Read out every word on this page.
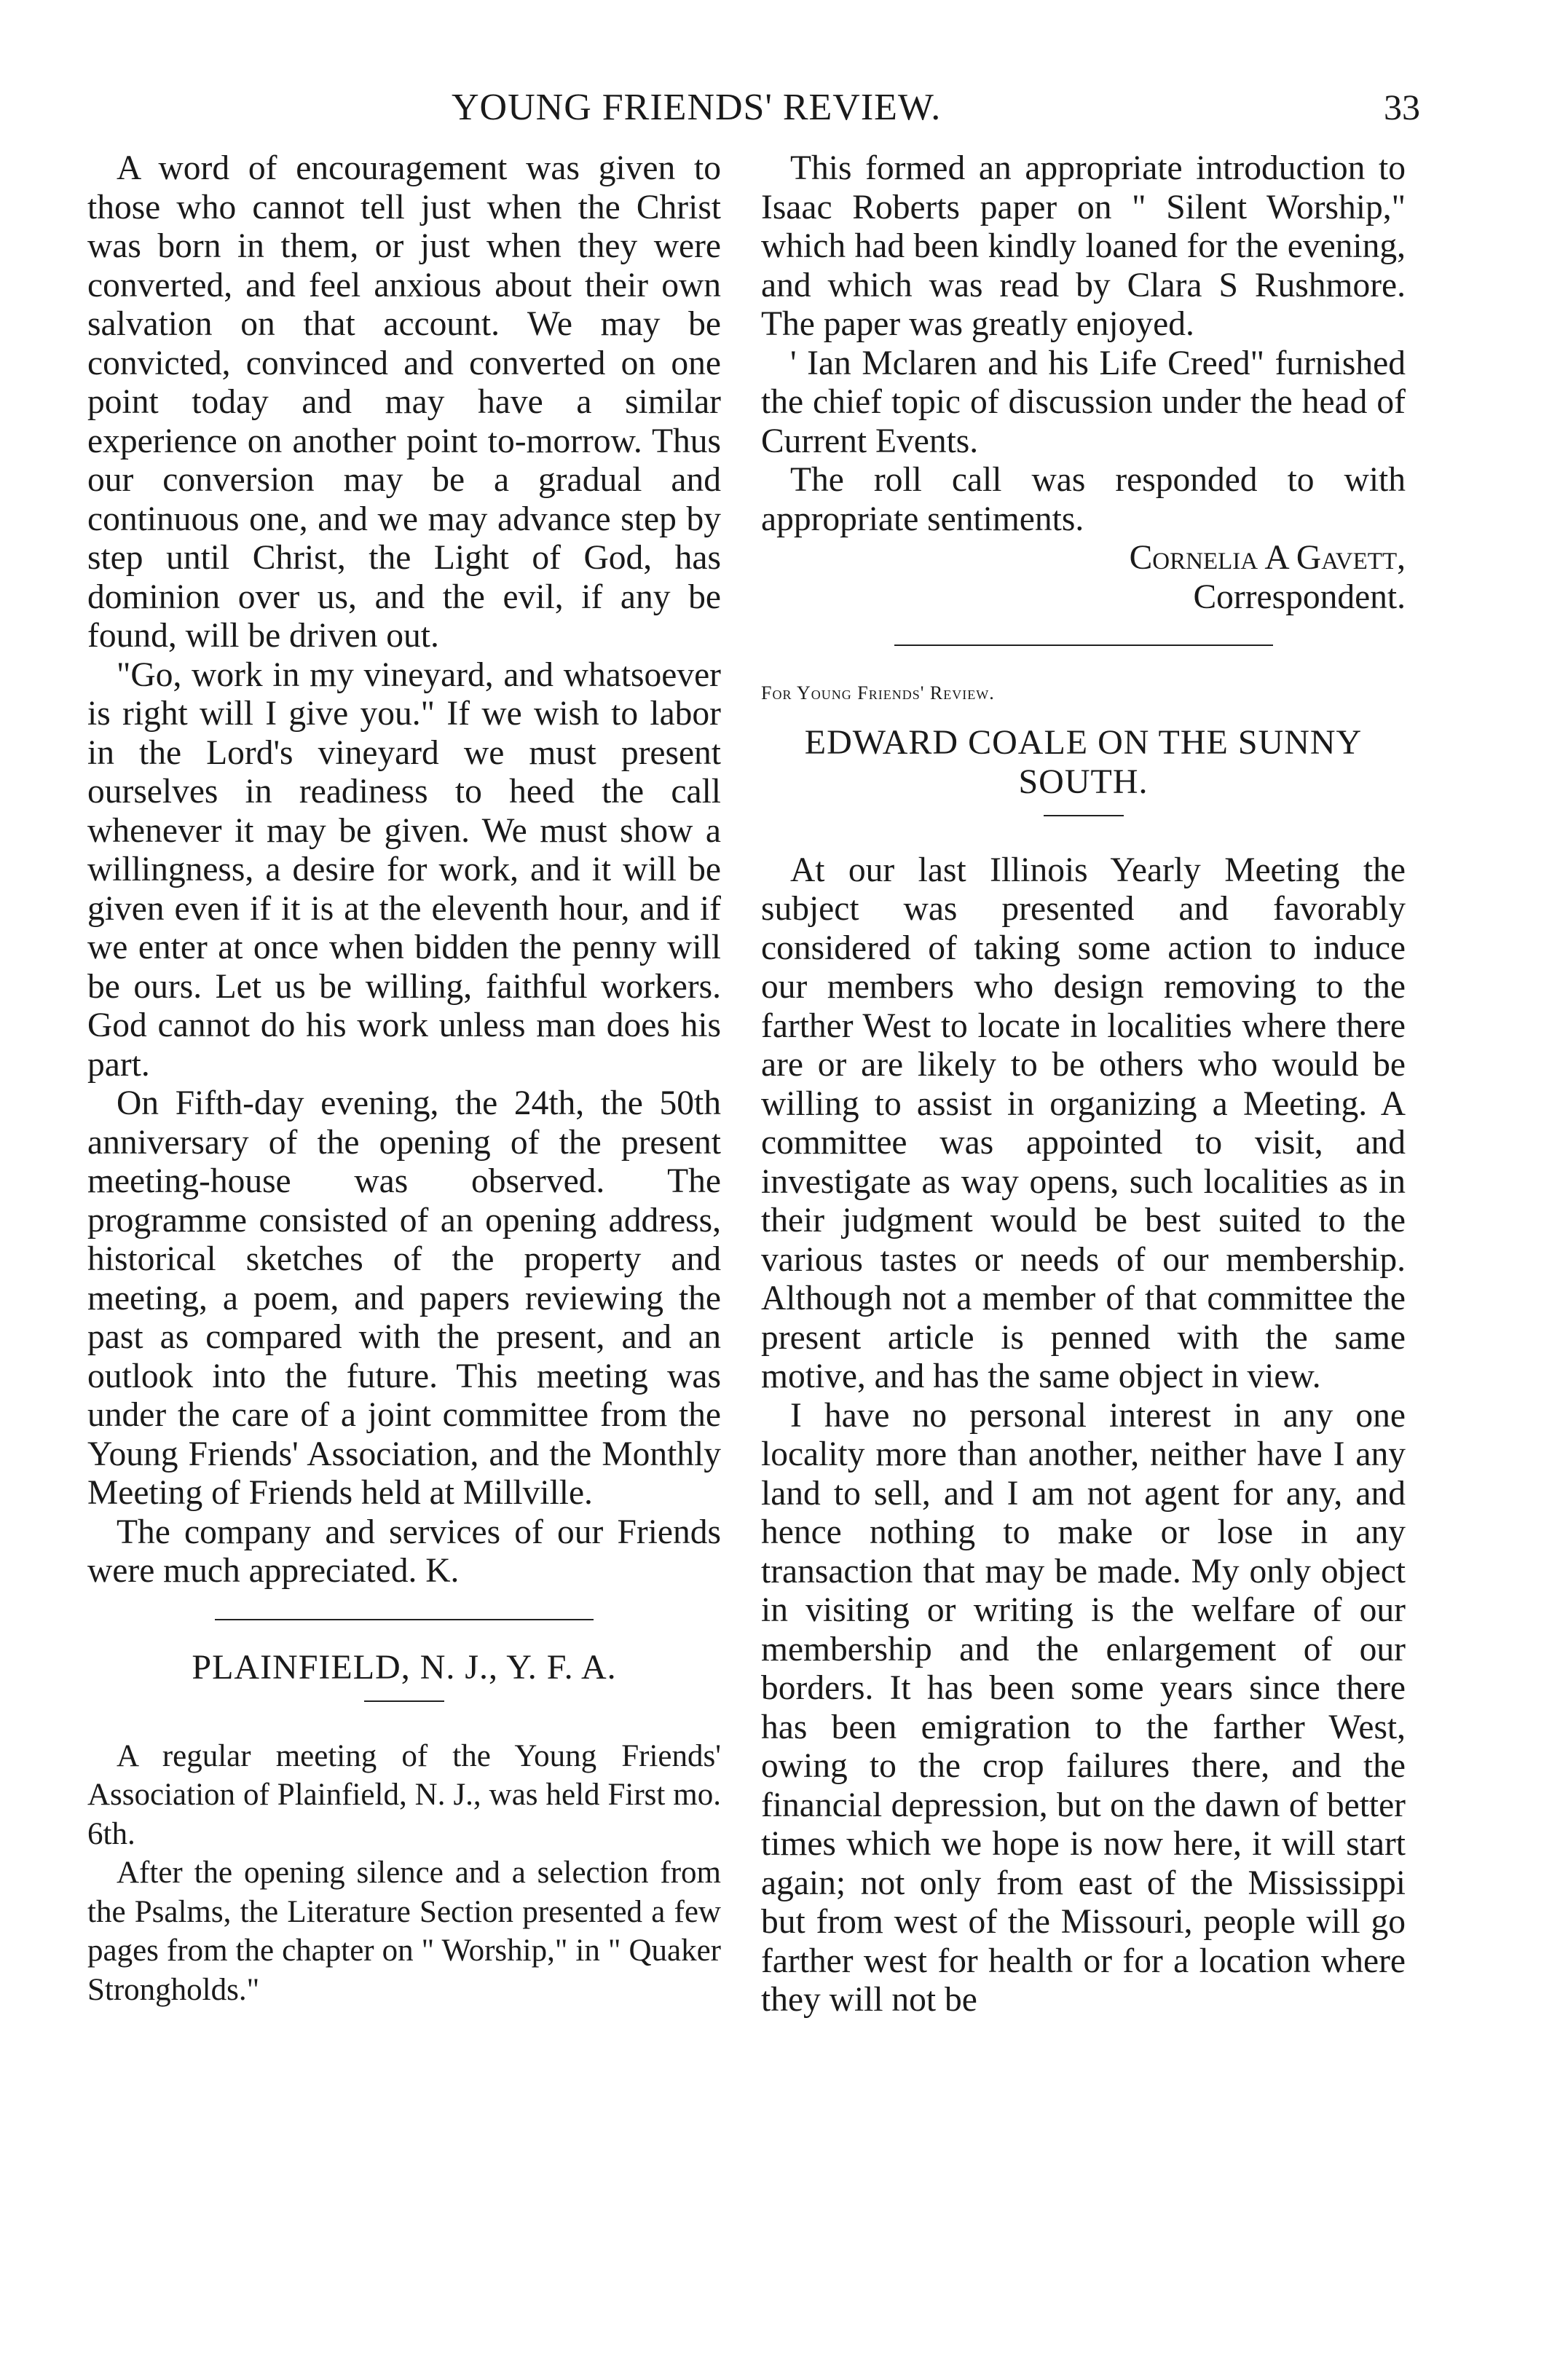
YOUNG FRIENDS' REVIEW.	33

A word of encouragement was given to those who cannot tell just when the Christ was born in them, or just when they were converted, and feel anxious about their own salvation on that account. We may be convicted, convinced and converted on one point today and may have a similar experience on another point to-morrow. Thus our conversion may be a gradual and continuous one, and we may advance step by step until Christ, the Light of God, has dominion over us, and the evil, if any be found, will be driven out.

"Go, work in my vineyard, and whatsoever is right will I give you." If we wish to labor in the Lord's vineyard we must present ourselves in readiness to heed the call whenever it may be given. We must show a willingness, a desire for work, and it will be given even if it is at the eleventh hour, and if we enter at once when bidden the penny will be ours. Let us be willing, faithful workers. God cannot do his work unless man does his part.

On Fifth-day evening, the 24th, the 50th anniversary of the opening of the present meeting-house was observed. The programme consisted of an opening address, historical sketches of the property and meeting, a poem, and papers reviewing the past as compared with the present, and an outlook into the future. This meeting was under the care of a joint committee from the Young Friends' Association, and the Monthly Meeting of Friends held at Millville.

The company and services of our Friends were much appreciated. K.

PLAINFIELD, N. J., Y. F. A.

A regular meeting of the Young Friends' Association of Plainfield, N. J., was held First mo. 6th.

After the opening silence and a selection from the Psalms, the Literature Section presented a few pages from the chapter on " Worship," in " Quaker Strongholds."

This formed an appropriate introduction to Isaac Roberts paper on " Silent Worship," which had been kindly loaned for the evening, and which was read by Clara S Rushmore. The paper was greatly enjoyed.

' Ian Mclaren and his Life Creed" furnished the chief topic of discussion under the head of Current Events.

The roll call was responded to with appropriate sentiments.

Cornelia A Gavett,

Correspondent.

For Young Friends' Review.

EDWARD COALE ON THE SUNNY SOUTH.

At our last Illinois Yearly Meeting the subject was presented and favorably considered of taking some action to induce our members who design removing to the farther West to locate in localities where there are or are likely to be others who would be willing to assist in organizing a Meeting. A committee was appointed to visit, and investigate as way opens, such localities as in their judgment would be best suited to the various tastes or needs of our membership. Although not a member of that committee the present article is penned with the same motive, and has the same object in view.

I have no personal interest in any one locality more than another, neither have I any land to sell, and I am not agent for any, and hence nothing to make or lose in any transaction that may be made. My only object in visiting or writing is the welfare of our membership and the enlargement of our borders. It has been some years since there has been emigration to the farther West, owing to the crop failures there, and the financial depression, but on the dawn of better times which we hope is now here, it will start again; not only from east of the Mississippi but from west of the Missouri, people will go farther west for health or for a location where they will not be
